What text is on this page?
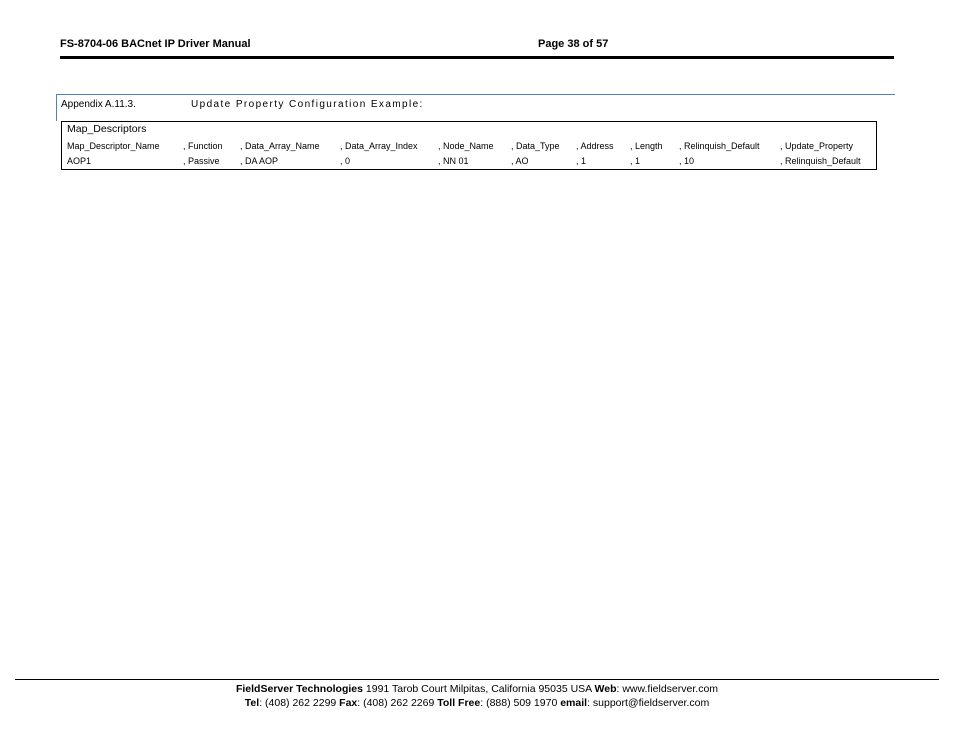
FS-8704-06 BACnet IP Driver Manual	Page 38 of 57
Appendix A.11.3.	Update Property Configuration Example:
Map_Descriptors
Map_Descriptor_Name	, Function , Data_Array_Name , Data_Array_Index , Node_Name , Data_Type , Address , Length , Relinquish_Default , Update_Property
AOP1	, Passive , DA AOP	, 0	, NN 01	, AO	, 1	, 1	, 10	, Relinquish_Default
FieldServer Technologies 1991 Tarob Court Milpitas, California 95035 USA Web: www.fieldserver.com
Tel: (408) 262 2299 Fax: (408) 262 2269 Toll Free: (888) 509 1970 email: support@fieldserver.com
